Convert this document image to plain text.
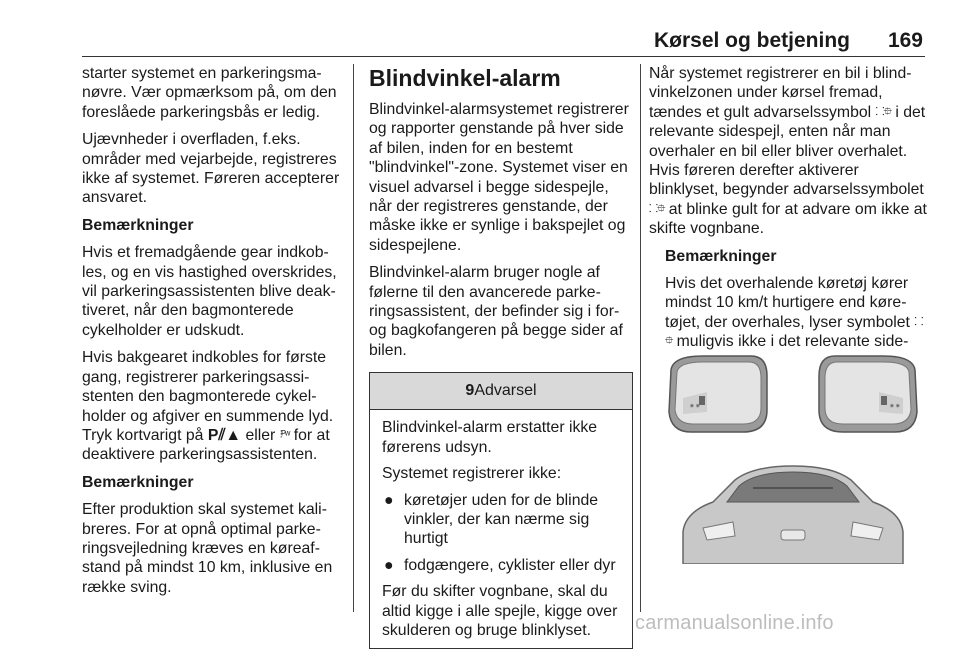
Kørsel og betjening 169

starter systemet en parkeringsmanøvre. Vær opmærksom på, om den foreslåede parkeringsbås er ledig.

Ujævnheder i overfladen, f.eks. områder med vejarbejde, registreres ikke af systemet. Føreren accepterer ansvaret.

Bemærkninger

Hvis et fremadgående gear indkobles, og en vis hastighed overskrides, vil parkeringsassistenten blive deaktiveret, når den bagmonterede cykelholder er udskudt.

Hvis bakgearet indkobles for første gang, registrerer parkeringsassistenten den bagmonterede cykelholder og afgiver en summende lyd.

Tryk kortvarigt på P⫽▲ eller ⫶ᴾʷ for at deaktivere parkeringsassistenten.

Bemærkninger

Efter produktion skal systemet kalibreres. For at opnå optimal parkeringsvejledning kræves en køreafstand på mindst 10 km, inklusive en række sving.

Blindvinkel-alarm

Blindvinkel-alarmsystemet registrerer og rapporter genstande på hver side af bilen, inden for en bestemt "blindvinkel"-zone. Systemet viser en visuel advarsel i begge sidespejle, når der registreres genstande, der måske ikke er synlige i bakspejlet og sidespejlene.

Blindvinkel-alarm bruger nogle af følerne til den avancerede parkeringsassistent, der befinder sig i for- og bagkofangeren på begge sider af bilen.

9Advarsel

Blindvinkel-alarm erstatter ikke førerens udsyn.

Systemet registrerer ikke:

● køretøjer uden for de blinde vinkler, der kan nærme sig hurtigt
● fodgængere, cyklister eller dyr

Før du skifter vognbane, skal du altid kigge i alle spejle, kigge over skulderen og bruge blinklyset.

Når systemet registrerer en bil i blindvinkelzonen under kørsel fremad, tændes et gult advarselssymbol ⸬⯐ i det relevante sidespejl, enten når man overhaler en bil eller bliver overhalet. Hvis føreren derefter aktiverer blinklyset, begynder advarselssymbolet ⸬⯐ at blinke gult for at advare om ikke at skifte vognbane.

Bemærkninger

Hvis det overhalende køretøj kører mindst 10 km/t hurtigere end køretøjet, der overhales, lyser symbolet ⸬⯐ muligvis ikke i det relevante side

⁕⁕	⁕⁕
carmanualsonline.info
